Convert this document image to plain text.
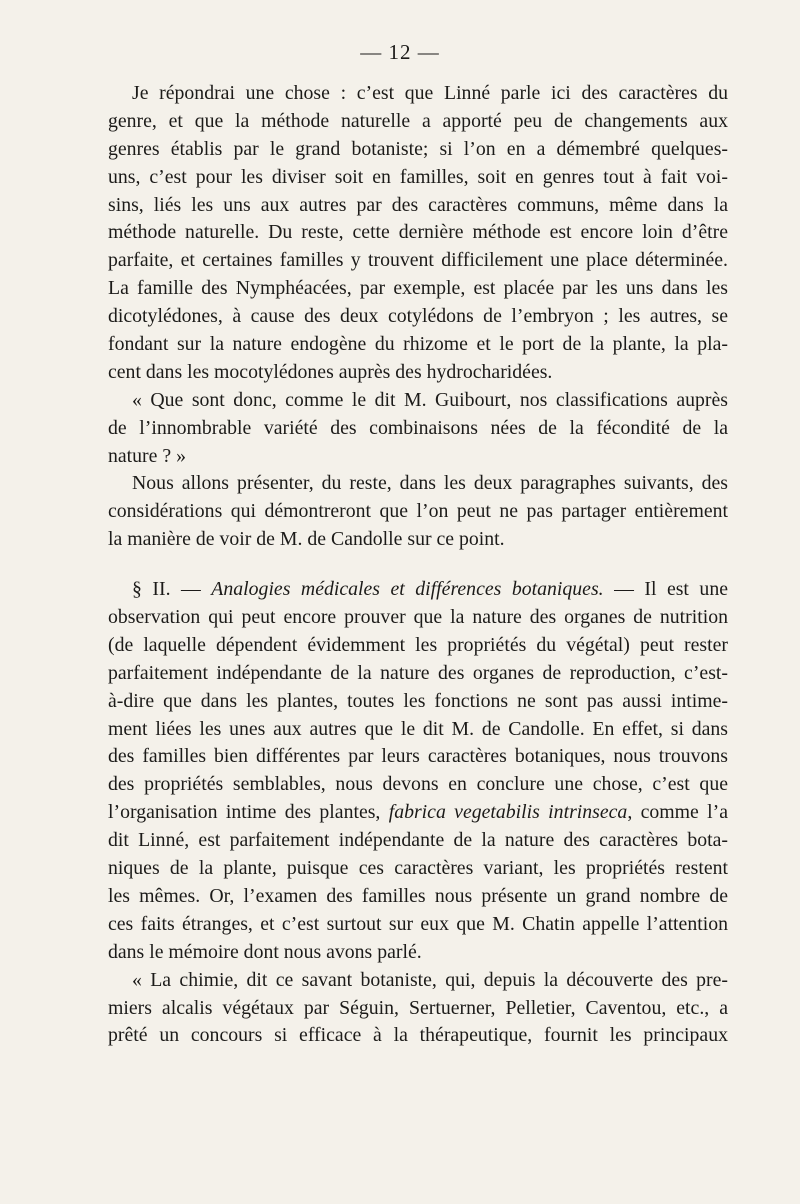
— 12 —
Je répondrai une chose : c’est que Linné parle ici des caractères du
genre, et que la méthode naturelle a apporté peu de changements aux
genres établis par le grand botaniste; si l’on en a démembré quelques-
uns, c’est pour les diviser soit en familles, soit en genres tout à fait voi-
sins, liés les uns aux autres par des caractères communs, même dans la
méthode naturelle. Du reste, cette dernière méthode est encore loin d’être
parfaite, et certaines familles y trouvent difficilement une place déterminée.
La famille des Nymphéacées, par exemple, est placée par les uns dans les
dicotylédones, à cause des deux cotylédons de l’embryon ; les autres, se
fondant sur la nature endogène du rhizome et le port de la plante, la pla-
cent dans les mocotylédones auprès des hydrocharidées.
« Que sont donc, comme le dit M. Guibourt, nos classifications auprès
de l’innombrable variété des combinaisons nées de la fécondité de la
nature ? »
Nous allons présenter, du reste, dans les deux paragraphes suivants, des
considérations qui démontreront que l’on peut ne pas partager entièrement
la manière de voir de M. de Candolle sur ce point.
§ II. — Analogies médicales et différences botaniques. — Il est une
observation qui peut encore prouver que la nature des organes de nutrition
(de laquelle dépendent évidemment les propriétés du végétal) peut rester
parfaitement indépendante de la nature des organes de reproduction, c’est-
à-dire que dans les plantes, toutes les fonctions ne sont pas aussi intime-
ment liées les unes aux autres que le dit M. de Candolle. En effet, si dans
des familles bien différentes par leurs caractères botaniques, nous trouvons
des propriétés semblables, nous devons en conclure une chose, c’est que
l’organisation intime des plantes, fabrica vegetabilis intrinseca, comme l’a
dit Linné, est parfaitement indépendante de la nature des caractères bota-
niques de la plante, puisque ces caractères variant, les propriétés restent
les mêmes. Or, l’examen des familles nous présente un grand nombre de
ces faits étranges, et c’est surtout sur eux que M. Chatin appelle l’attention
dans le mémoire dont nous avons parlé.
« La chimie, dit ce savant botaniste, qui, depuis la découverte des pre-
miers alcalis végétaux par Séguin, Sertuerner, Pelletier, Caventou, etc., a
prêté un concours si efficace à la thérapeutique, fournit les principaux
